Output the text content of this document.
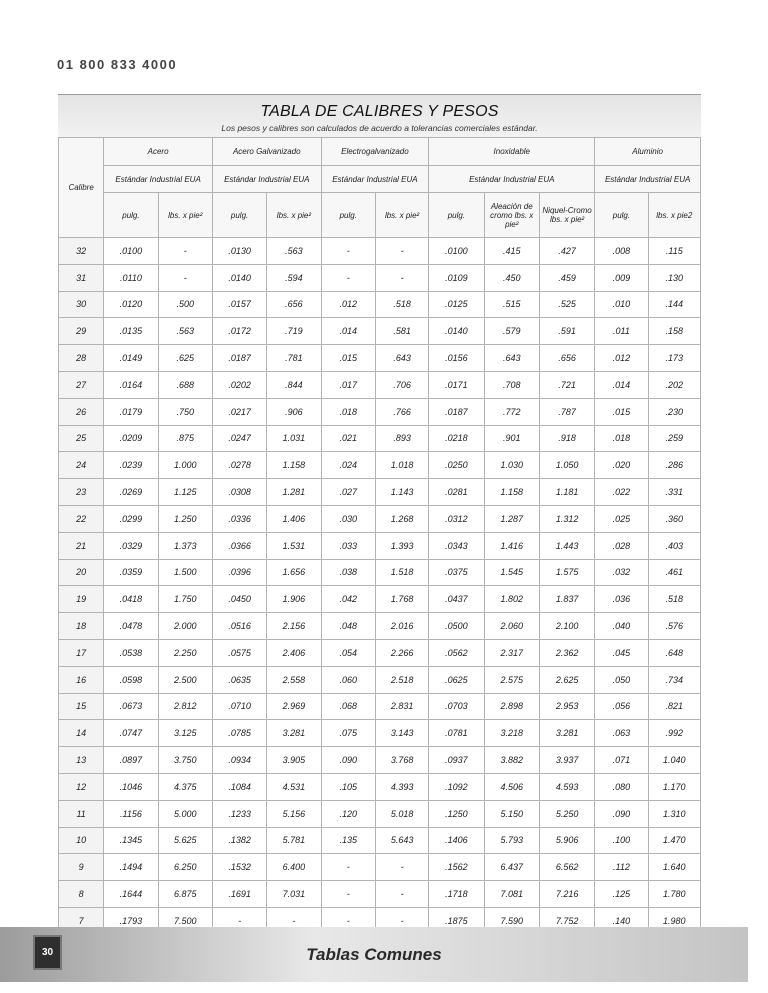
01 800 833 4000
TABLA DE CALIBRES Y PESOS
Los pesos y calibres son calculados de acuerdo a tolerancias comerciales estándar.
Calibre	Acero		Acero Galvanizado		Electrogalvanizado		Inoxidable			Aluminio	
	Estándar Industrial EUA		Estándar Industrial EUA		Estándar Industrial EUA		Estándar Industrial EUA			Estándar Industrial EUA	
	pulg.	lbs. x pie²	pulg.	lbs. x pie²	pulg.	lbs. x pie²	pulg.	Aleación de cromo lbs. x pie²	Niquel-Cromo lbs. x pie²	pulg.	lbs. x pie2
32	.0100	-	.0130	.563	-	-	.0100	.415	.427	.008	.115
31	.0110	-	.0140	.594	-	-	.0109	.450	.459	.009	.130
30	.0120	.500	.0157	.656	.012	.518	.0125	.515	.525	.010	.144
29	.0135	.563	.0172	.719	.014	.581	.0140	.579	.591	.011	.158
28	.0149	.625	.0187	.781	.015	.643	.0156	.643	.656	.012	.173
27	.0164	.688	.0202	.844	.017	.706	.0171	.708	.721	.014	.202
26	.0179	.750	.0217	.906	.018	.766	.0187	.772	.787	.015	.230
25	.0209	.875	.0247	1.031	.021	.893	.0218	.901	.918	.018	.259
24	.0239	1.000	.0278	1.158	.024	1.018	.0250	1.030	1.050	.020	.286
23	.0269	1.125	.0308	1.281	.027	1.143	.0281	1.158	1.181	.022	.331
22	.0299	1.250	.0336	1.406	.030	1.268	.0312	1.287	1.312	.025	.360
21	.0329	1.373	.0366	1.531	.033	1.393	.0343	1.416	1.443	.028	.403
20	.0359	1.500	.0396	1.656	.038	1.518	.0375	1.545	1.575	.032	.461
19	.0418	1.750	.0450	1.906	.042	1.768	.0437	1.802	1.837	.036	.518
18	.0478	2.000	.0516	2.156	.048	2.016	.0500	2.060	2.100	.040	.576
17	.0538	2.250	.0575	2.406	.054	2.266	.0562	2.317	2.362	.045	.648
16	.0598	2.500	.0635	2.558	.060	2.518	.0625	2.575	2.625	.050	.734
15	.0673	2.812	.0710	2.969	.068	2.831	.0703	2.898	2.953	.056	.821
14	.0747	3.125	.0785	3.281	.075	3.143	.0781	3.218	3.281	.063	.992
13	.0897	3.750	.0934	3.905	.090	3.768	.0937	3.882	3.937	.071	1.040
12	.1046	4.375	.1084	4.531	.105	4.393	.1092	4.506	4.593	.080	1.170
11	.1156	5.000	.1233	5.156	.120	5.018	.1250	5.150	5.250	.090	1.310
10	.1345	5.625	.1382	5.781	.135	5.643	.1406	5.793	5.906	.100	1.470
9	.1494	6.250	.1532	6.400	-	-	.1562	6.437	6.562	.112	1.640
8	.1644	6.875	.1691	7.031	-	-	.1718	7.081	7.216	.125	1.780
7	.1793	7.500	-	-	-	-	.1875	7.590	7.752	.140	1.980
Tablas Comunes
30
